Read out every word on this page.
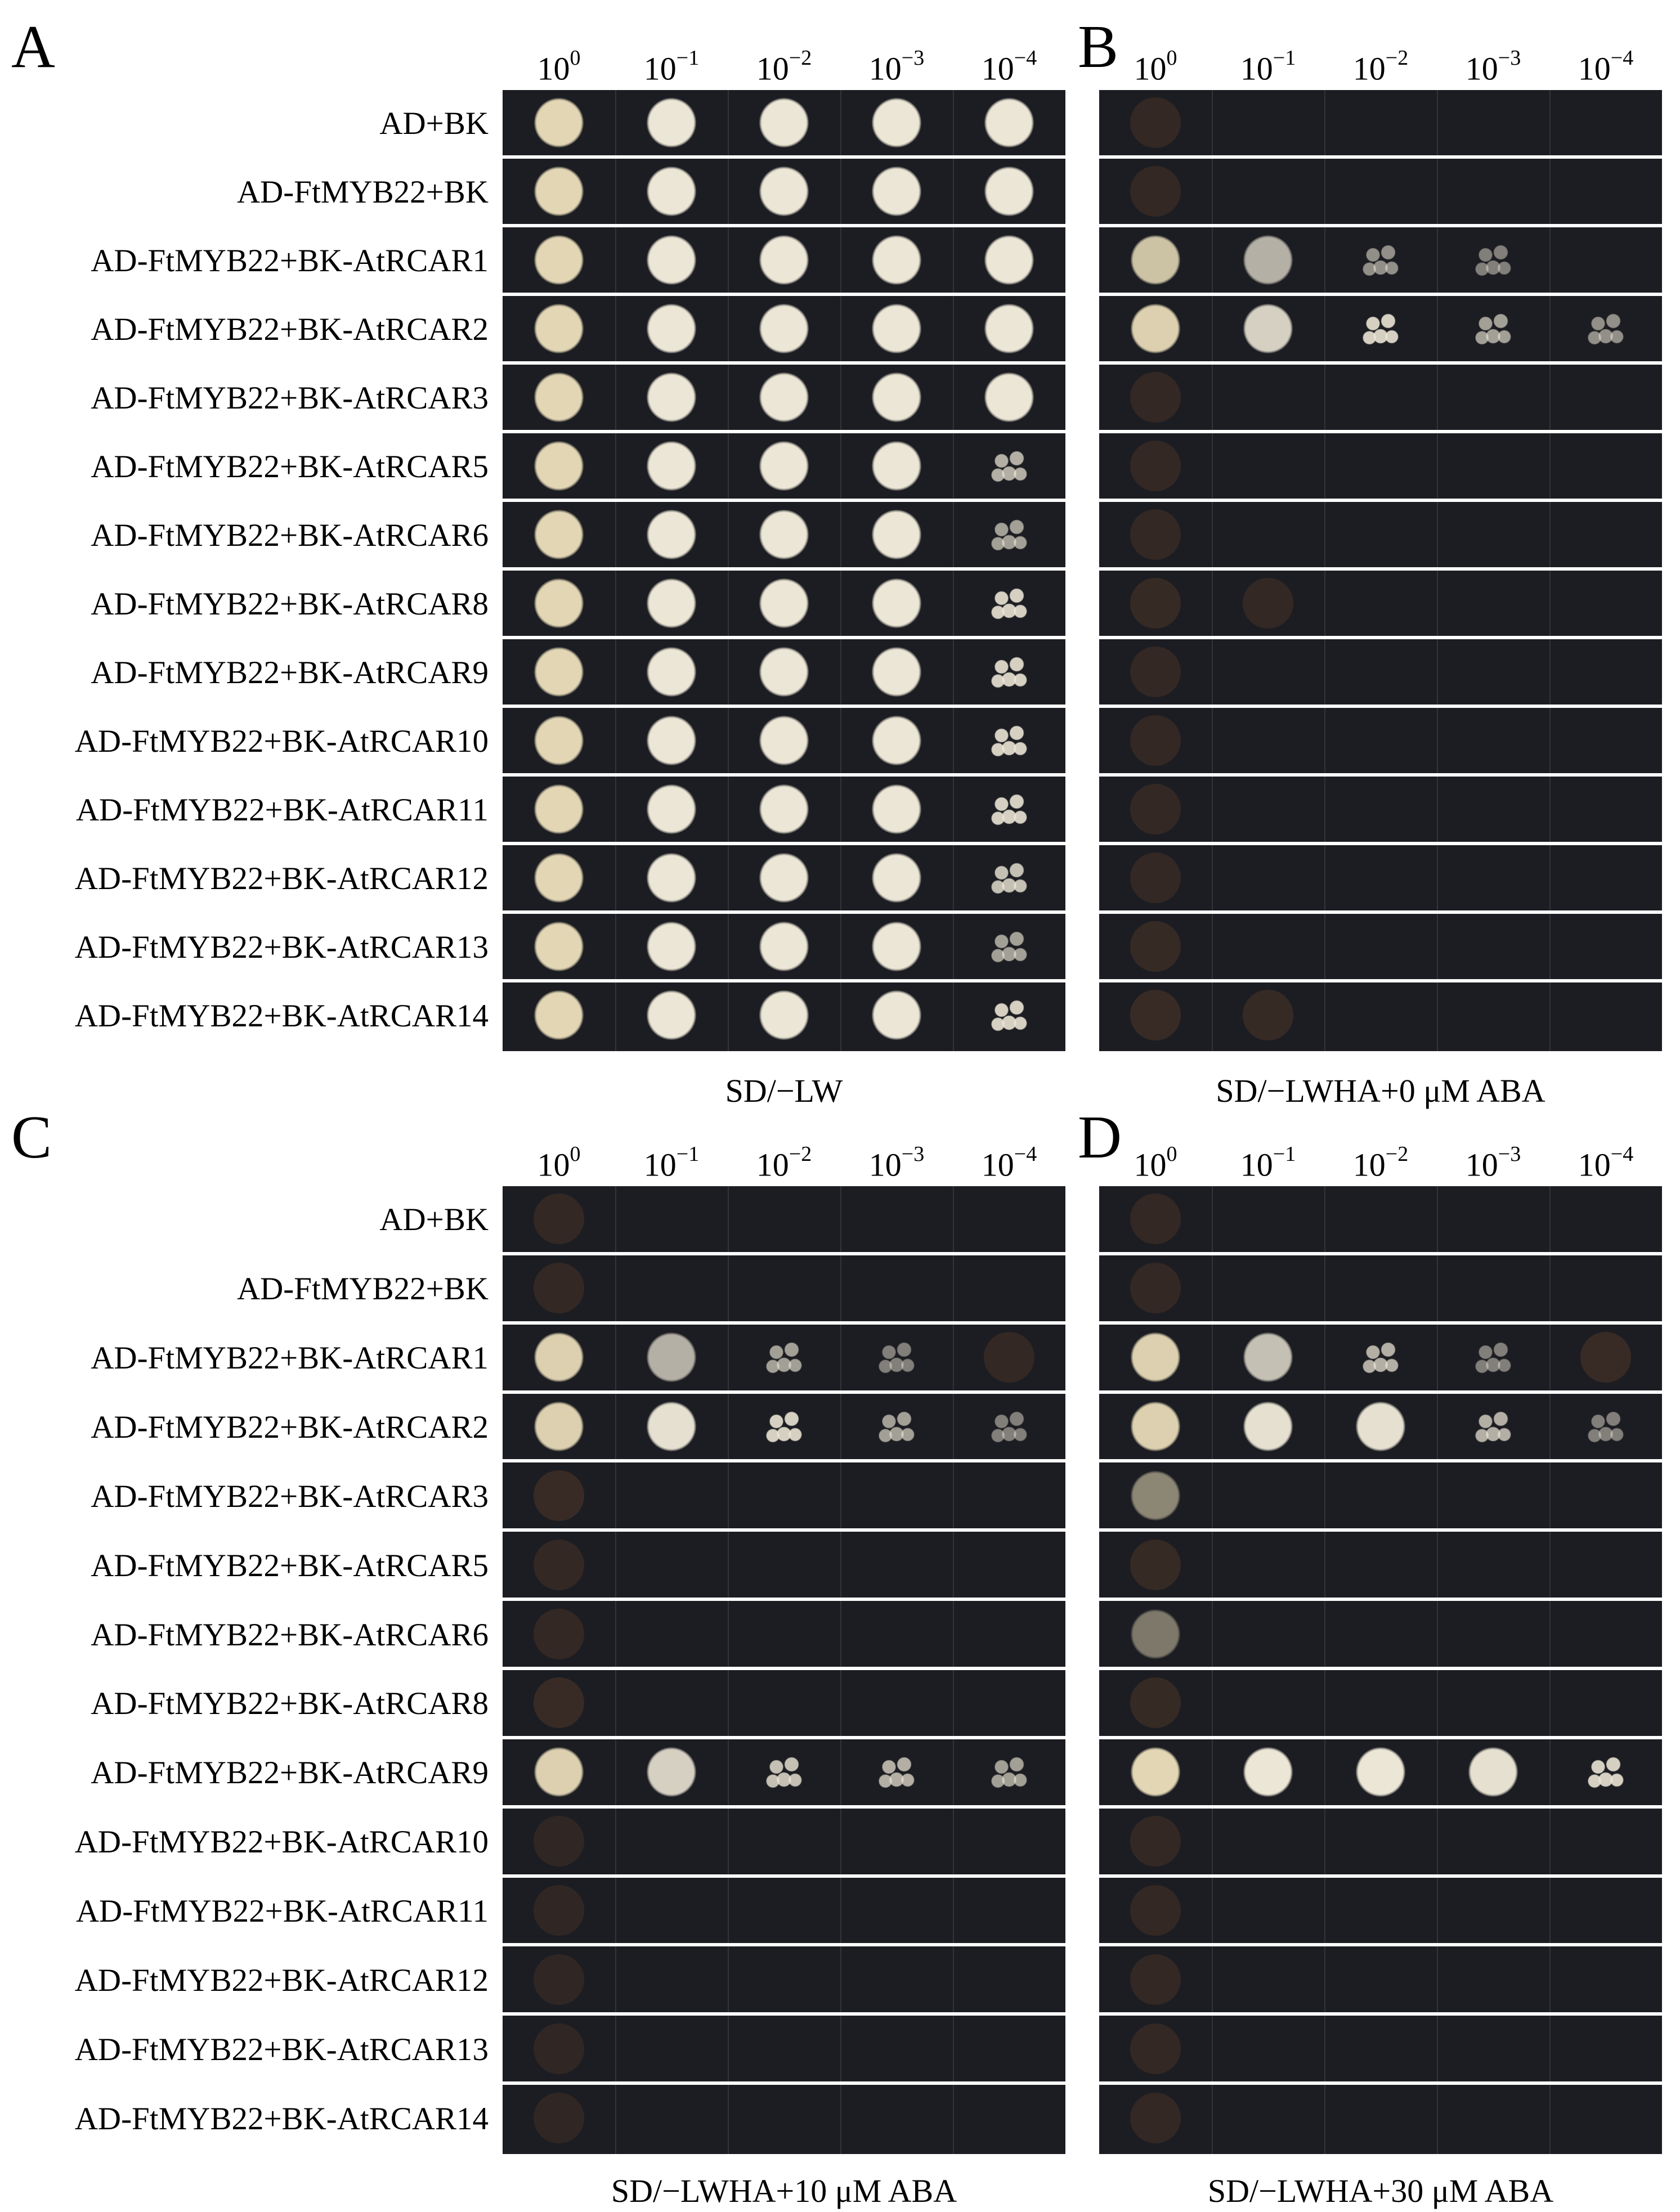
A	$10^0$	$10^{-1}$	$10^{-2}$	$10^{-3}$	$10^{-4}$
AD+BK
AD-FtMYB22+BK
AD-FtMYB22+BK-AtRCAR1
AD-FtMYB22+BK-AtRCAR2
AD-FtMYB22+BK-AtRCAR3
AD-FtMYB22+BK-AtRCAR5
AD-FtMYB22+BK-AtRCAR6
AD-FtMYB22+BK-AtRCAR8
AD-FtMYB22+BK-AtRCAR9
AD-FtMYB22+BK-AtRCAR10
AD-FtMYB22+BK-AtRCAR11
AD-FtMYB22+BK-AtRCAR12
AD-FtMYB22+BK-AtRCAR13
AD-FtMYB22+BK-AtRCAR14
SD/−LW
B $10^0$	$10^{-1}$	$10^{-2}$	$10^{-3}$	$10^{-4}$
SD/−LWHA+0 μM ABA
C	$10^0$	$10^{-1}$	$10^{-2}$	$10^{-3}$	$10^{-4}$
AD+BK
AD-FtMYB22+BK
AD-FtMYB22+BK-AtRCAR1
AD-FtMYB22+BK-AtRCAR2
AD-FtMYB22+BK-AtRCAR3
AD-FtMYB22+BK-AtRCAR5
AD-FtMYB22+BK-AtRCAR6
AD-FtMYB22+BK-AtRCAR8
AD-FtMYB22+BK-AtRCAR9
AD-FtMYB22+BK-AtRCAR10
AD-FtMYB22+BK-AtRCAR11
AD-FtMYB22+BK-AtRCAR12
AD-FtMYB22+BK-AtRCAR13
AD-FtMYB22+BK-AtRCAR14
SD/−LWHA+10 μM ABA
D $10^0$	$10^{-1}$	$10^{-2}$	$10^{-3}$	$10^{-4}$
SD/−LWHA+30 μM ABA
